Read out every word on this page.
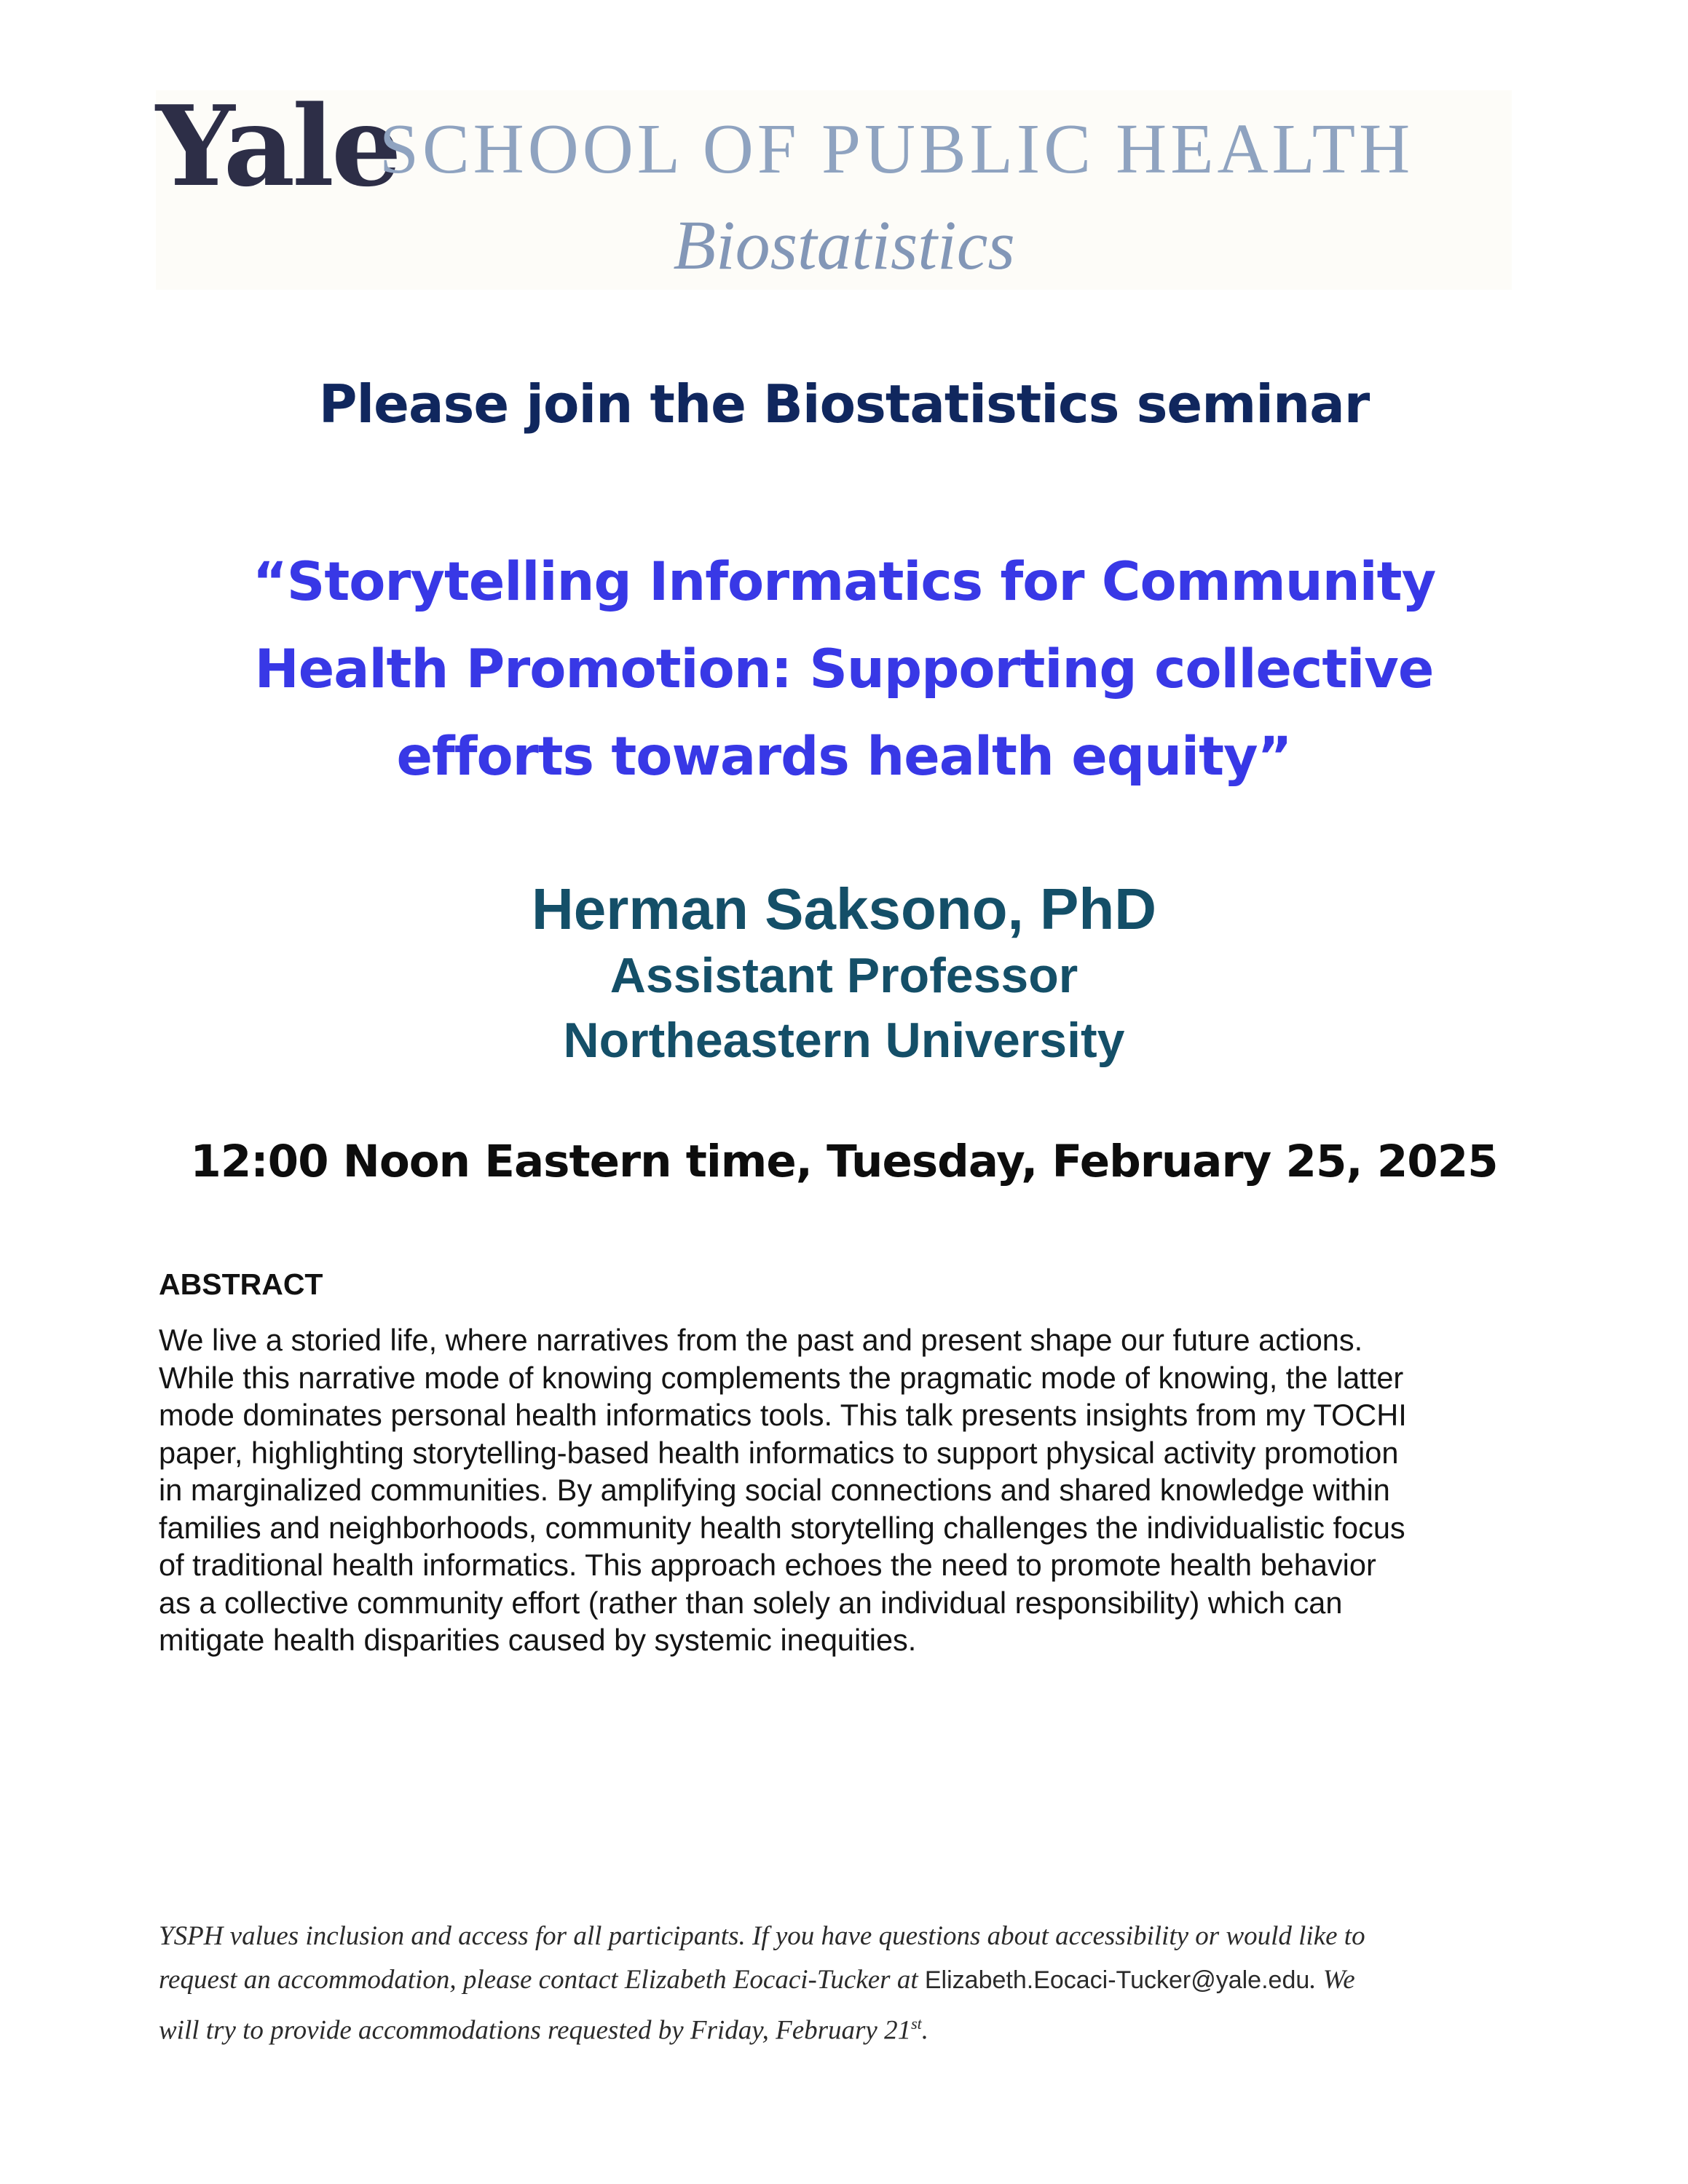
Yale
SCHOOL OF PUBLIC HEALTH
Biostatistics
Please join the Biostatistics seminar
“Storytelling Informatics for Community
Health Promotion: Supporting collective
efforts towards health equity”
Herman Saksono, PhD
Assistant Professor
Northeastern University
12:00 Noon Eastern time, Tuesday, February 25, 2025
ABSTRACT
We live a storied life, where narratives from the past and present shape our future actions.
While this narrative mode of knowing complements the pragmatic mode of knowing, the latter
mode dominates personal health informatics tools. This talk presents insights from my TOCHI
paper, highlighting storytelling-based health informatics to support physical activity promotion
in marginalized communities. By amplifying social connections and shared knowledge within
families and neighborhoods, community health storytelling challenges the individualistic focus
of traditional health informatics. This approach echoes the need to promote health behavior
as a collective community effort (rather than solely an individual responsibility) which can
mitigate health disparities caused by systemic inequities.
YSPH values inclusion and access for all participants. If you have questions about accessibility or would like to
request an accommodation, please contact Elizabeth Eocaci-Tucker at Elizabeth.Eocaci-Tucker@yale.edu. We
will try to provide accommodations requested by Friday, February 21st.
